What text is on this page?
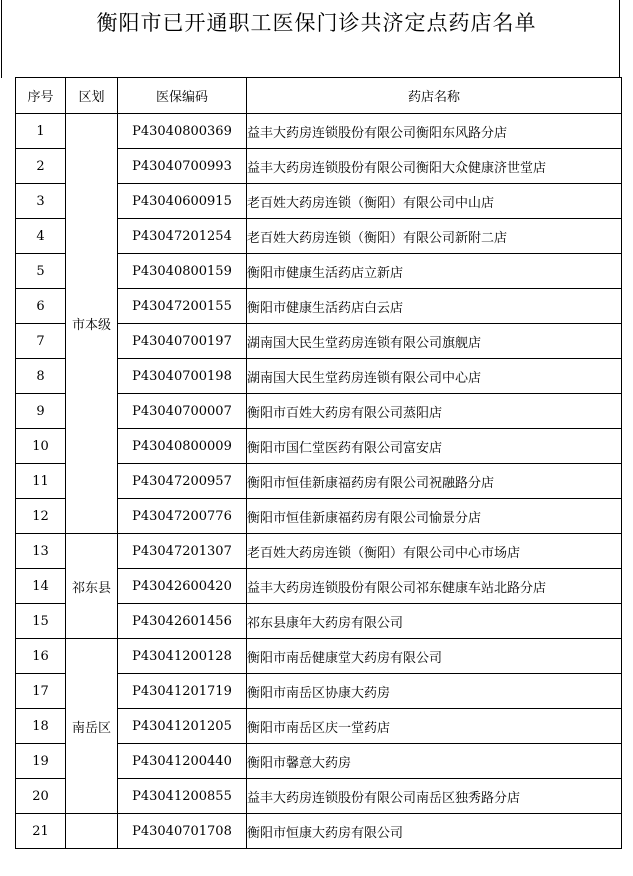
衡阳市已开通职工医保门诊共济定点药店名单
序号	区划	医保编码	药店名称
1	市本级	P43040800369	益丰大药房连锁股份有限公司衡阳东风路分店
2		P43040700993	益丰大药房连锁股份有限公司衡阳大众健康济世堂店
3		P43040600915	老百姓大药房连锁（衡阳）有限公司中山店
4		P43047201254	老百姓大药房连锁（衡阳）有限公司新附二店
5		P43040800159	衡阳市健康生活药店立新店
6		P43047200155	衡阳市健康生活药店白云店
7		P43040700197	湖南国大民生堂药房连锁有限公司旗舰店
8		P43040700198	湖南国大民生堂药房连锁有限公司中心店
9		P43040700007	衡阳市百姓大药房有限公司蒸阳店
10		P43040800009	衡阳市国仁堂医药有限公司富安店
11		P43047200957	衡阳市恒佳新康福药房有限公司祝融路分店
12		P43047200776	衡阳市恒佳新康福药房有限公司愉景分店
13	祁东县	P43047201307	老百姓大药房连锁（衡阳）有限公司中心市场店
14		P43042600420	益丰大药房连锁股份有限公司祁东健康车站北路分店
15		P43042601456	祁东县康年大药房有限公司
16	南岳区	P43041200128	衡阳市南岳健康堂大药房有限公司
17		P43041201719	衡阳市南岳区协康大药房
18		P43041201205	衡阳市南岳区庆一堂药店
19		P43041200440	衡阳市馨意大药房
20		P43041200855	益丰大药房连锁股份有限公司南岳区独秀路分店
21		P43040701708	衡阳市恒康大药房有限公司
